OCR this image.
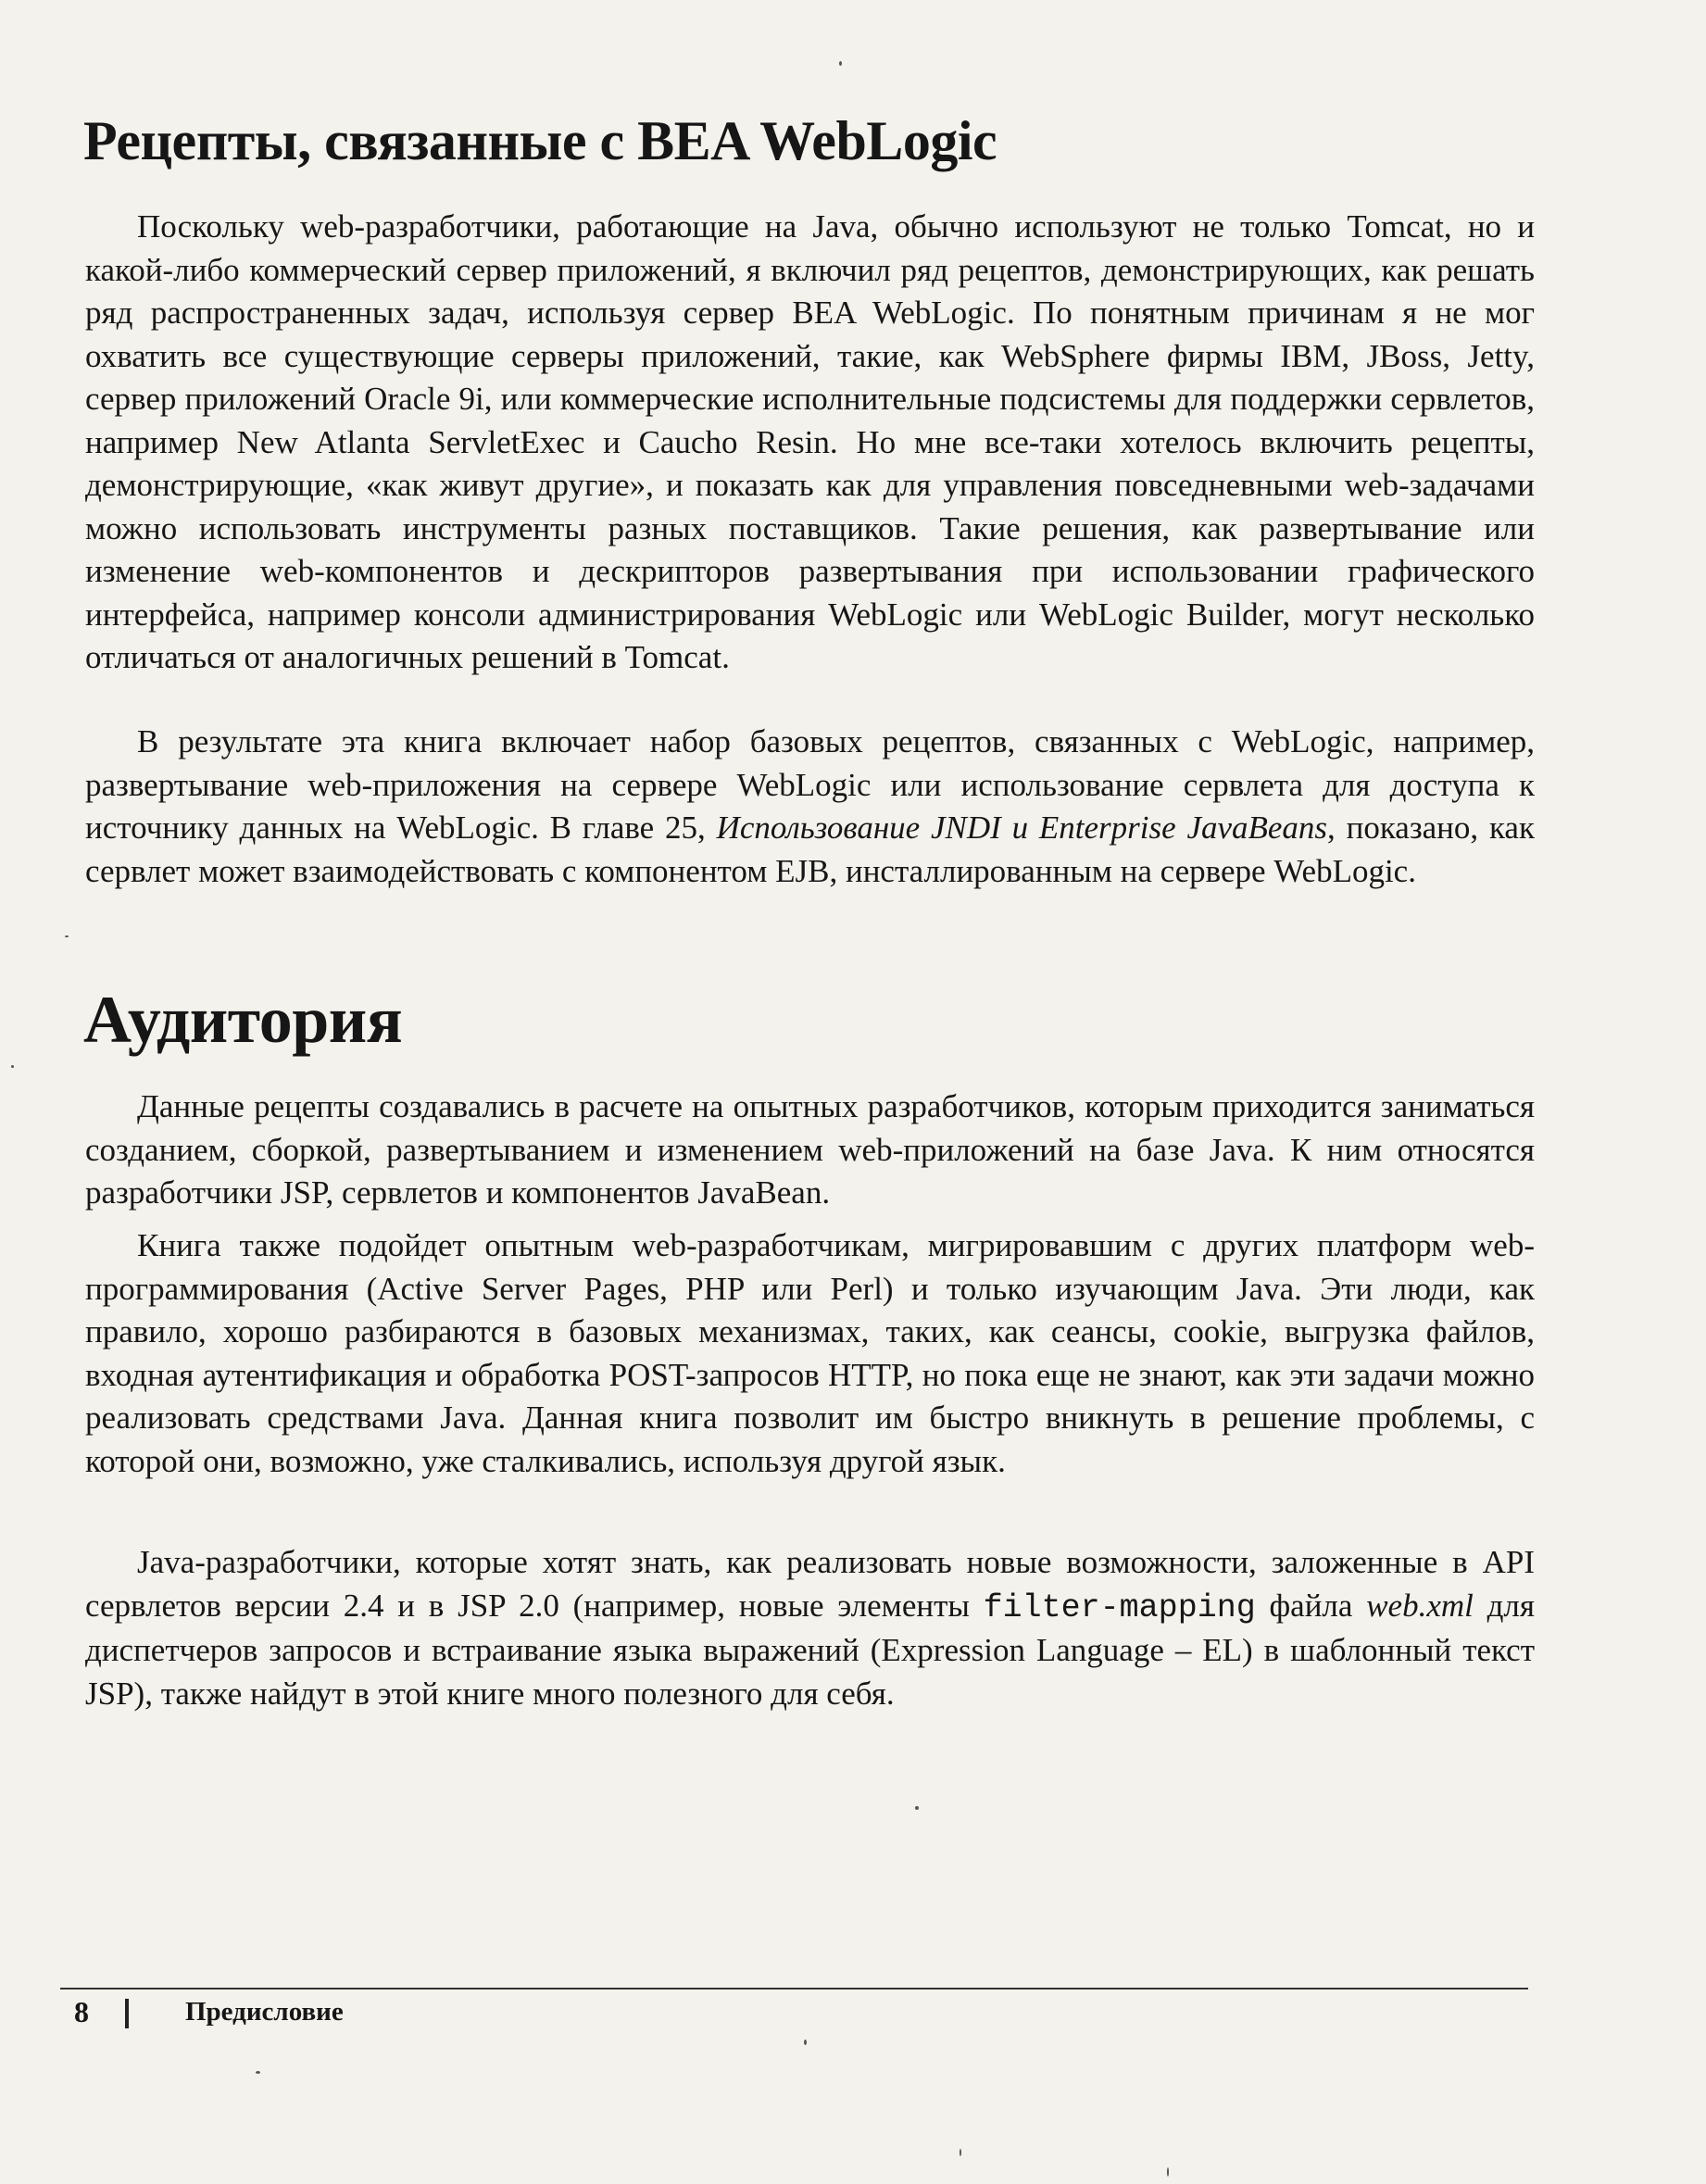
Рецепты, связанные с BEA WebLogic

Поскольку web-разработчики, работающие на Java, обычно используют не только Tomcat, но и какой-либо коммерческий сервер приложений, я включил ряд рецептов, демонстрирующих, как решать ряд распространенных задач, используя сервер BEA WebLogic. По понятным причинам я не мог охватить все существующие серверы приложений, такие, как WebSphere фирмы IBM, JBoss, Jetty, сервер приложений Oracle 9i, или коммерческие исполнительные подсистемы для поддержки сервлетов, например New Atlanta ServletExec и Caucho Resin. Но мне все-таки хотелось включить рецепты, демонстрирующие, «как живут другие», и показать как для управления повседневными web-задачами можно использовать инструменты разных поставщиков. Такие решения, как развертывание или изменение web-компонентов и дескрипторов развертывания при использовании графического интерфейса, например консоли администрирования WebLogic или WebLogic Builder, могут несколько отличаться от аналогичных решений в Tomcat.

В результате эта книга включает набор базовых рецептов, связанных с WebLogic, например, развертывание web-приложения на сервере WebLogic или использование сервлета для доступа к источнику данных на WebLogic. В главе 25, Использование JNDI и Enterprise JavaBeans, показано, как сервлет может взаимодействовать с компонентом EJB, инсталлированным на сервере WebLogic.

Аудитория

Данные рецепты создавались в расчете на опытных разработчиков, которым приходится заниматься созданием, сборкой, развертыванием и изменением web-приложений на базе Java. К ним относятся разработчики JSP, сервлетов и компонентов JavaBean.

Книга также подойдет опытным web-разработчикам, мигрировавшим с других платформ web-программирования (Active Server Pages, PHP или Perl) и только изучающим Java. Эти люди, как правило, хорошо разбираются в базовых механизмах, таких, как сеансы, cookie, выгрузка файлов, входная аутентификация и обработка POST-запросов HTTP, но пока еще не знают, как эти задачи можно реализовать средствами Java. Данная книга позволит им быстро вникнуть в решение проблемы, с которой они, возможно, уже сталкивались, используя другой язык.

Java-разработчики, которые хотят знать, как реализовать новые возможности, заложенные в API сервлетов версии 2.4 и в JSP 2.0 (например, новые элементы filter-mapping файла web.xml для диспетчеров запросов и встраивание языка выражений (Expression Language – EL) в шаблонный текст JSP), также найдут в этой книге много полезного для себя.

8	Предисловие
